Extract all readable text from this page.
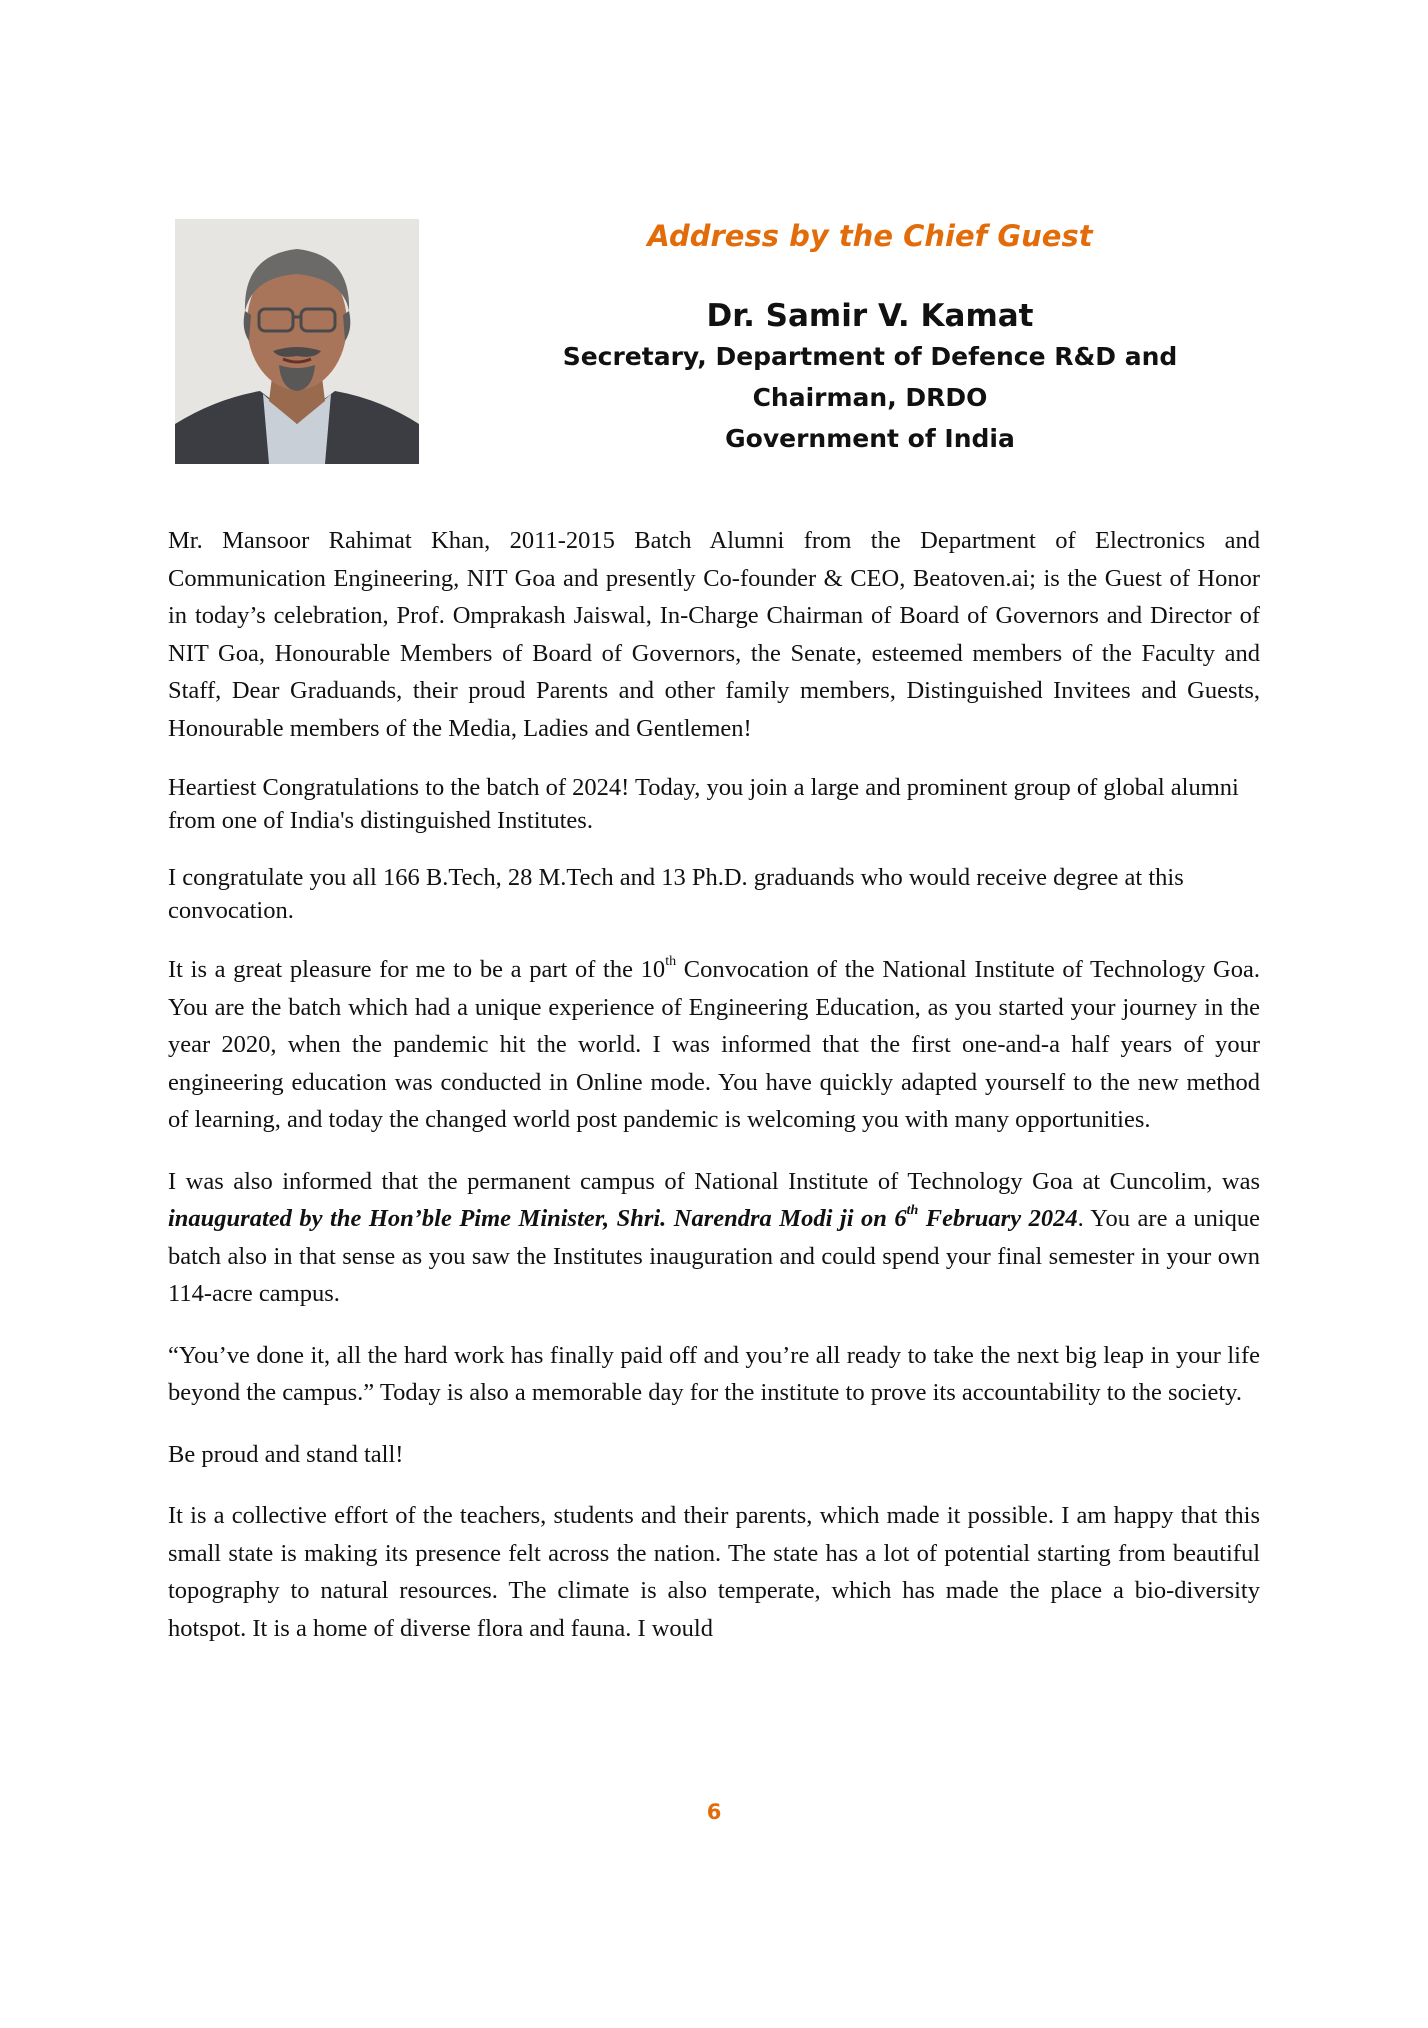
Address by the Chief Guest
Dr. Samir V. Kamat
Secretary, Department of Defence R&D and
Chairman, DRDO
Government of India

Mr. Mansoor Rahimat Khan, 2011-2015 Batch Alumni from the Department of Electronics and Communication Engineering, NIT Goa and presently Co-founder & CEO, Beatoven.ai; is the Guest of Honor in today’s celebration, Prof. Omprakash Jaiswal, In-Charge Chairman of Board of Governors and Director of NIT Goa, Honourable Members of Board of Governors, the Senate, esteemed members of the Faculty and Staff, Dear Graduands, their proud Parents and other family members, Distinguished Invitees and Guests, Honourable members of the Media, Ladies and Gentlemen!

Heartiest Congratulations to the batch of 2024! Today, you join a large and prominent group of global alumni from one of India's distinguished Institutes.

I congratulate you all 166 B.Tech, 28 M.Tech and 13 Ph.D. graduands who would receive degree at this convocation.

It is a great pleasure for me to be a part of the 10th Convocation of the National Institute of Technology Goa. You are the batch which had a unique experience of Engineering Education, as you started your journey in the year 2020, when the pandemic hit the world. I was informed that the first one-and-a half years of your engineering education was conducted in Online mode. You have quickly adapted yourself to the new method of learning, and today the changed world post pandemic is welcoming you with many opportunities.

I was also informed that the permanent campus of National Institute of Technology Goa at Cuncolim, was inaugurated by the Hon’ble Pime Minister, Shri. Narendra Modi ji on 6th February 2024. You are a unique batch also in that sense as you saw the Institutes inauguration and could spend your final semester in your own 114-acre campus.

“You’ve done it, all the hard work has finally paid off and you’re all ready to take the next big leap in your life beyond the campus.” Today is also a memorable day for the institute to prove its accountability to the society.

Be proud and stand tall!

It is a collective effort of the teachers, students and their parents, which made it possible. I am happy that this small state is making its presence felt across the nation. The state has a lot of potential starting from beautiful topography to natural resources. The climate is also temperate, which has made the place a bio-diversity hotspot. It is a home of diverse flora and fauna. I would

6
